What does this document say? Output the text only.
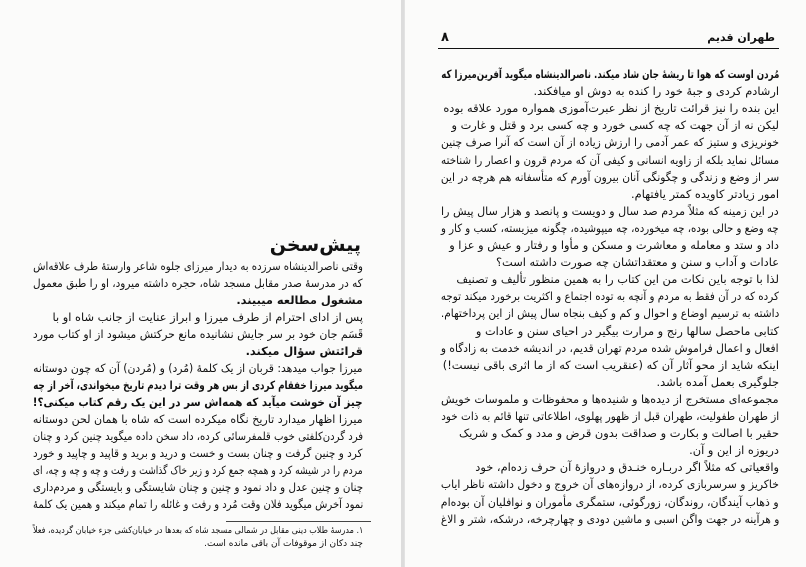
۸	طهران قدیم
مُردن اوست که هوا تا ریشهٔ جان شاد میکند. ناصرالدینشاه میگوید آفرین‌میرزا که
ارشادم کردی و جبهٔ خود را کنده به دوش او میافکند.
این بنده را نیز قرائت تاریخ از نظر عبرت‌آموزی همواره مورد علاقه بوده
لیکن نه از آن جهت که چه کسی خورد و چه کسی برد و قتل و غارت و
خونریزی و ستیز که عمر آدمی را ارزش زیاده از آن است که آنرا صرف چنین
مسائل نماید بلکه از زاویه انسانی و کیفی آن که مردم قرون و اعصار را شناخته
سر از وضع و زندگی و چگونگی آنان بیرون آورم که متأسفانه هم هرچه در این
امور زیادتر کاویده کمتر یافتهام.
در این زمینه که مثلاً مردم صد سال و دویست و پانصد و هزار سال پیش را
چه وضع و حالی بوده، چه میخورده، چه میپوشیده، چگونه میزیسته، کسب و کار و
داد و ستد و معامله و معاشرت و مسکن و مأوا و رفتار و عیش و عزا و
عادات و آداب و سنن و معتقداتشان چه صورت داشته است؟
لذا با توجه باین نکات من این کتاب را به همین منظور تألیف و تصنیف
کرده که در آن فقط به مردم و آنچه به توده اجتماع و اکثریت برخورد میکند توجه
داشته به ترسیم اوضاع و احوال و کم و کیف بنجاه سال پیش از این پرداختهام.
کتابی ماحصل سالها رنج و مرارت بیگیر در احیای سنن و عادات و
افعال و اعمال فراموش شده مردم تهران قدیم، در اندیشه خدمت به زادگاه و
اینکه شاید از محو آثار آن که (عنقریب است که از ما اثری باقی نیست!)
جلوگیری بعمل آمده باشد.
مجموعه‌ای مستخرج از دیده‌ها و شنیده‌ها و محفوظات و ملموسات خویش
از طهران طفولیت، طهران قبل از ظهور پهلوی، اطلاعاتی تنها قائم به ذات خود
حقیر با اصالت و بکارت و صداقت بدون قرض و مدد و کمک و شریک
دریوزه از این و آن.
واقعیاتی که مثلاً اگر دربـاره خنـدق و دروازهٔ آن حرف زده‌ام، خود
خاکریز و سرسربازی کرده، از دروازه‌های آن خروج و دخول داشته ناظر ایاب
و ذهاب آیندگان، روندگان، زورگوئی، ستمگری مأموران و نوافلیان آن بوده‌ام
و هرآینه در جهت واگن اسبی و ماشین دودی و چهارچرخه، درشکه، شتر و الاغ
پیش‌سخن
وقتی ناصرالدینشاه سرزده به دیدار میرزای جلوه شاعر وارستهٔ طرف علاقه‌اش
که در مدرسهٔ صدر مقابل مسجد شاه، حجره داشته میرود، او را طبق معمول
مشغول مطالعه میبیند.
پس از ادای احترام از طرف میرزا و ابراز عنایت از جانب شاه او با
قَسَم جان خود بر سر جایش نشانیده مانع حرکتش میشود از او کتاب مورد
قرائتش سؤال میکند.
میرزا جواب میدهد: قربان از یک کلمهٔ (مُرد) و (مُردن) آن که چون دوستانه
میگوید میرزا خفقام کردی از بس هر وقت ترا دیدم تاریخ میخواندی، آخر از چه
چیز آن خوشت میآید که همه‌اش سر در این یک رقم کتاب میکنی؟!
میرزا اظهار میدارد تاریخ نگاه میکرده است که شاه با همان لحن دوستانه
فرد گردن‌کلفتی خوب قلمفرسائی کرده، داد سخن داده میگوید چنین کرد و چنان
کرد و چنین گرفت و چنان بست و خست و درید و برید و قاپید و چاپید و خورد
مردم را در شیشه کرد و همچه جمع کرد و زیر خاک گذاشت و رفت و چه و چه و چه، ای
چنان و چنین عدل و داد نمود و چنین و چنان شایستگی و بایستگی و مردم‌داری
نمود آخرش میگوید فلان وقت مُرد و رفت و غائله را تمام میکند و همین یک کلمهٔ
۱. مدرسهٔ طلاب دینی مقابل در شمالی مسجد شاه که بعدها در خیابان‌کشی جزء خیابان گردیده، فعلاً
چند دکان از موقوفات آن باقی مانده است.
